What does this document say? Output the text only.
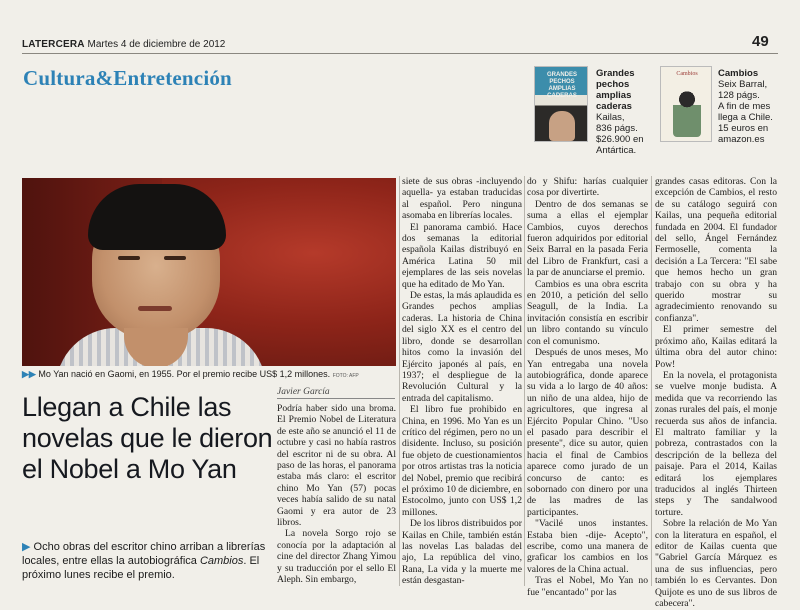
LATERCERA Martes 4 de diciembre de 2012	49
Cultura&Entretención	GRANDES PECHOS AMPLIAS CADERAS
Grandes pechos amplias caderas
Kailas,
836 págs.
$26.900 en
Antártica.
Cambios	Cambios
Seix Barral,
128 págs.
A fin de mes
llega a Chile.
15 euros en
amazon.es
▶▶ Mo Yan nació en Gaomi, en 1955. Por el premio recibe US$ 1,2 millones. FOTO: AFP
Llegan a Chile las novelas que le dieron el Nobel a Mo Yan
▶ Ocho obras del escritor chino arriban a librerías locales, entre ellas la autobiográfica Cambios. El próximo lunes recibe el premio.
Javier García

Podría haber sido una broma. El Premio Nobel de Literatura de este año se anunció el 11 de octubre y casi no había rastros del escritor ni de su obra. Al paso de las horas, el panorama estaba más claro: el escritor chino Mo Yan (57) pocas veces había salido de su natal Gaomi y era autor de 23 libros.

La novela Sorgo rojo se conocía por la adaptación al cine del director Zhang Yimou y su traducción por el sello El Aleph. Sin embargo,

siete de sus obras -incluyendo aquella- ya estaban traducidas al español. Pero ninguna asomaba en librerías locales.

El panorama cambió. Hace dos semanas la editorial española Kailas distribuyó en América Latina 50 mil ejemplares de las seis novelas que ha editado de Mo Yan.

De estas, la más aplaudida es Grandes pechos amplias caderas. La historia de China del siglo XX es el centro del libro, donde se desarrollan hitos como la invasión del Ejército japonés al país, en 1937; el despliegue de la Revolución Cultural y la entrada del capitalismo.

El libro fue prohibido en China, en 1996. Mo Yan es un crítico del régimen, pero no un disidente. Incluso, su posición fue objeto de cuestionamientos por otros artistas tras la noticia del Nobel, premio que recibirá el próximo 10 de diciembre, en Estocolmo, junto con US$ 1,2 millones.

De los libros distribuidos por Kailas en Chile, también están las novelas Las baladas del ajo, La república del vino, Rana, La vida y la muerte me están desgastan-

do y Shifu: harías cualquier cosa por divertirte.

Dentro de dos semanas se suma a ellas el ejemplar Cambios, cuyos derechos fueron adquiridos por editorial Seix Barral en la pasada Feria del Libro de Frankfurt, casi a la par de anunciarse el premio.

Cambios es una obra escrita en 2010, a petición del sello Seagull, de la India. La invitación consistía en escribir un libro contando su vínculo con el comunismo.

Después de unos meses, Mo Yan entregaba una novela autobiográfica, donde aparece su vida a lo largo de 40 años: un niño de una aldea, hijo de agricultores, que ingresa al Ejército Popular Chino. "Uso el pasado para describir el presente", dice su autor, quien hacia el final de Cambios aparece como jurado de un concurso de canto: es sobornado con dinero por una de las madres de las participantes.

"Vacilé unos instantes. Estaba bien -dije- Acepto", escribe, como una manera de graficar los cambios en los valores de la China actual.

Tras el Nobel, Mo Yan no fue "encantado" por las

grandes casas editoras. Con la excepción de Cambios, el resto de su catálogo seguirá con Kailas, una pequeña editorial fundada en 2004. El fundador del sello, Ángel Fernández Fermoselle, comenta la decisión a La Tercera: "El sabe que hemos hecho un gran trabajo con su obra y ha querido mostrar su agradecimiento renovando su confianza".

El primer semestre del próximo año, Kailas editará la última obra del autor chino: Pow!

En la novela, el protagonista se vuelve monje budista. A medida que va recorriendo las zonas rurales del país, el monje recuerda sus años de infancia. El maltrato familiar y la pobreza, contrastados con la descripción de la belleza del paisaje. Para el 2014, Kailas editará los ejemplares traducidos al inglés Thirteen steps y The sandalwood torture.

Sobre la relación de Mo Yan con la literatura en español, el editor de Kailas cuenta que "Gabriel García Márquez es una de sus influencias, pero también lo es Cervantes. Don Quijote es uno de sus libros de cabecera".
